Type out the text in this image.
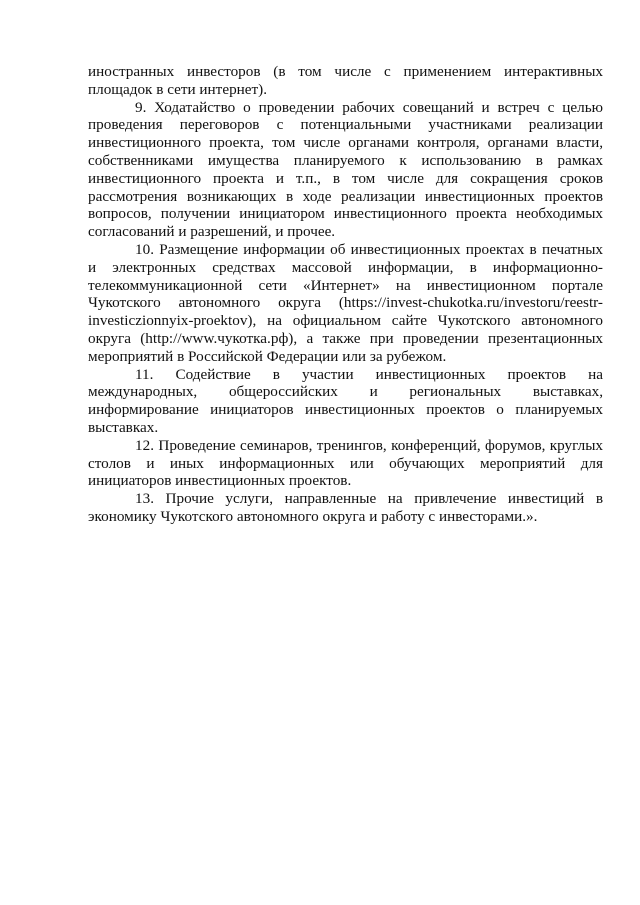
иностранных инвесторов (в том числе с применением интерактивных
площадок в сети интернет).
9. Ходатайство о проведении рабочих совещаний и встреч с целью
проведения переговоров с потенциальными участниками реализации
инвестиционного проекта, том числе органами контроля, органами власти,
собственниками имущества планируемого к использованию в рамках
инвестиционного проекта и т.п., в том числе для сокращения сроков
рассмотрения возникающих в ходе реализации инвестиционных проектов
вопросов, получении инициатором инвестиционного проекта необходимых
согласований и разрешений, и прочее.
10. Размещение информации об инвестиционных проектах в печатных
и электронных средствах массовой информации, в информационно-
телекоммуникационной сети «Интернет» на инвестиционном портале
Чукотского автономного округа (https://invest-chukotka.ru/investoru/reestr-
investiczionnyix-proektov), на официальном сайте Чукотского автономного
округа (http://www.чукотка.рф), а также при проведении презентационных
мероприятий в Российской Федерации или за рубежом.
11. Содействие в участии инвестиционных проектов на
международных, общероссийских и региональных выставках,
информирование инициаторов инвестиционных проектов о планируемых
выставках.
12. Проведение семинаров, тренингов, конференций, форумов, круглых
столов и иных информационных или обучающих мероприятий для
инициаторов инвестиционных проектов.
13. Прочие услуги, направленные на привлечение инвестиций в
экономику Чукотского автономного округа и работу с инвесторами.».
